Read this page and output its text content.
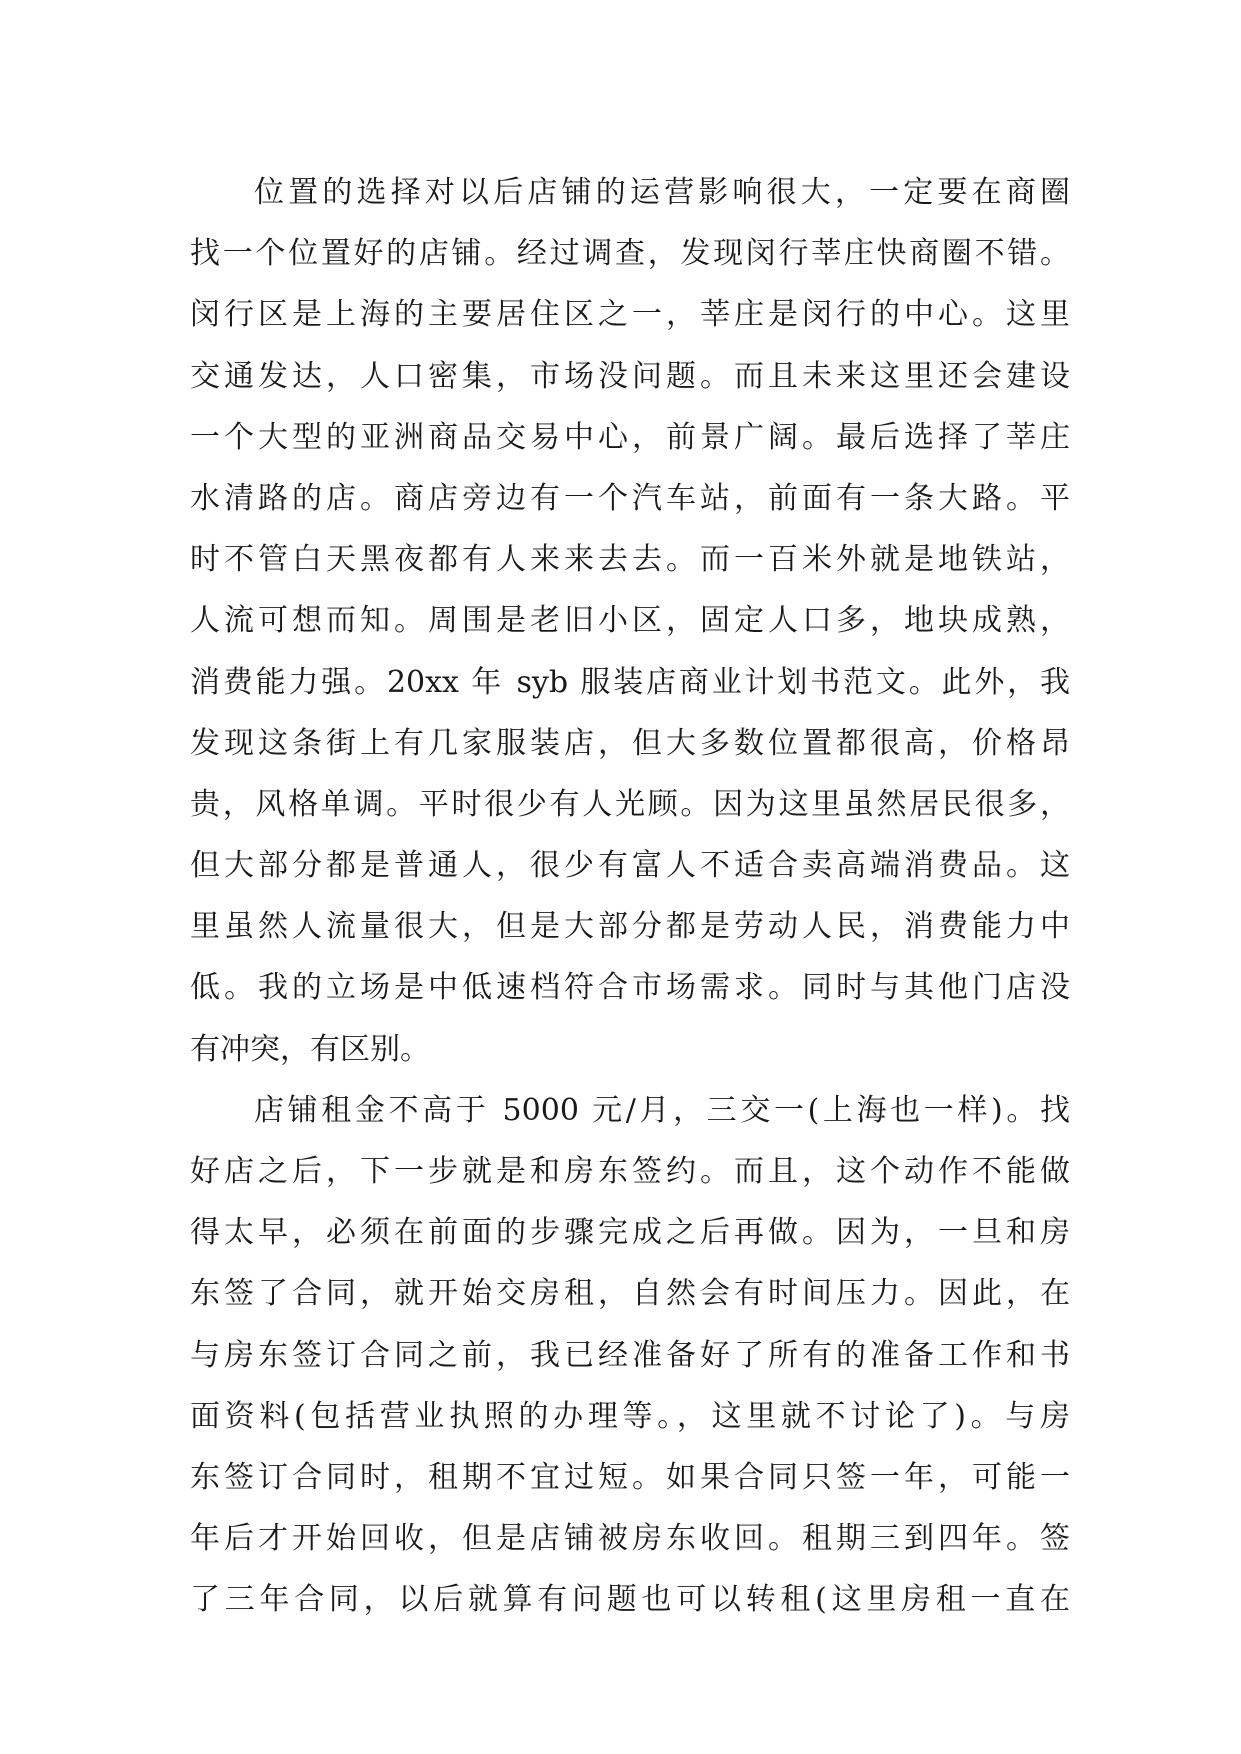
位置的选择对以后店铺的运营影响很大，一定要在商圈
找一个位置好的店铺。经过调查，发现闵行莘庄快商圈不错。
闵行区是上海的主要居住区之一，莘庄是闵行的中心。这里
交通发达，人口密集，市场没问题。而且未来这里还会建设
一个大型的亚洲商品交易中心，前景广阔。最后选择了莘庄
水清路的店。商店旁边有一个汽车站，前面有一条大路。平
时不管白天黑夜都有人来来去去。而一百米外就是地铁站，
人流可想而知。周围是老旧小区，固定人口多，地块成熟，
消费能力强。20xx 年 syb 服装店商业计划书范文。此外，我
发现这条街上有几家服装店，但大多数位置都很高，价格昂
贵，风格单调。平时很少有人光顾。因为这里虽然居民很多，
但大部分都是普通人，很少有富人不适合卖高端消费品。这
里虽然人流量很大，但是大部分都是劳动人民，消费能力中
低。我的立场是中低速档符合市场需求。同时与其他门店没
有冲突，有区别。
店铺租金不高于 5000 元/月，三交一(上海也一样)。找
好店之后，下一步就是和房东签约。而且，这个动作不能做
得太早，必须在前面的步骤完成之后再做。因为，一旦和房
东签了合同，就开始交房租，自然会有时间压力。因此，在
与房东签订合同之前，我已经准备好了所有的准备工作和书
面资料(包括营业执照的办理等。，这里就不讨论了)。与房
东签订合同时，租期不宜过短。如果合同只签一年，可能一
年后才开始回收，但是店铺被房东收回。租期三到四年。签
了三年合同，以后就算有问题也可以转租(这里房租一直在
